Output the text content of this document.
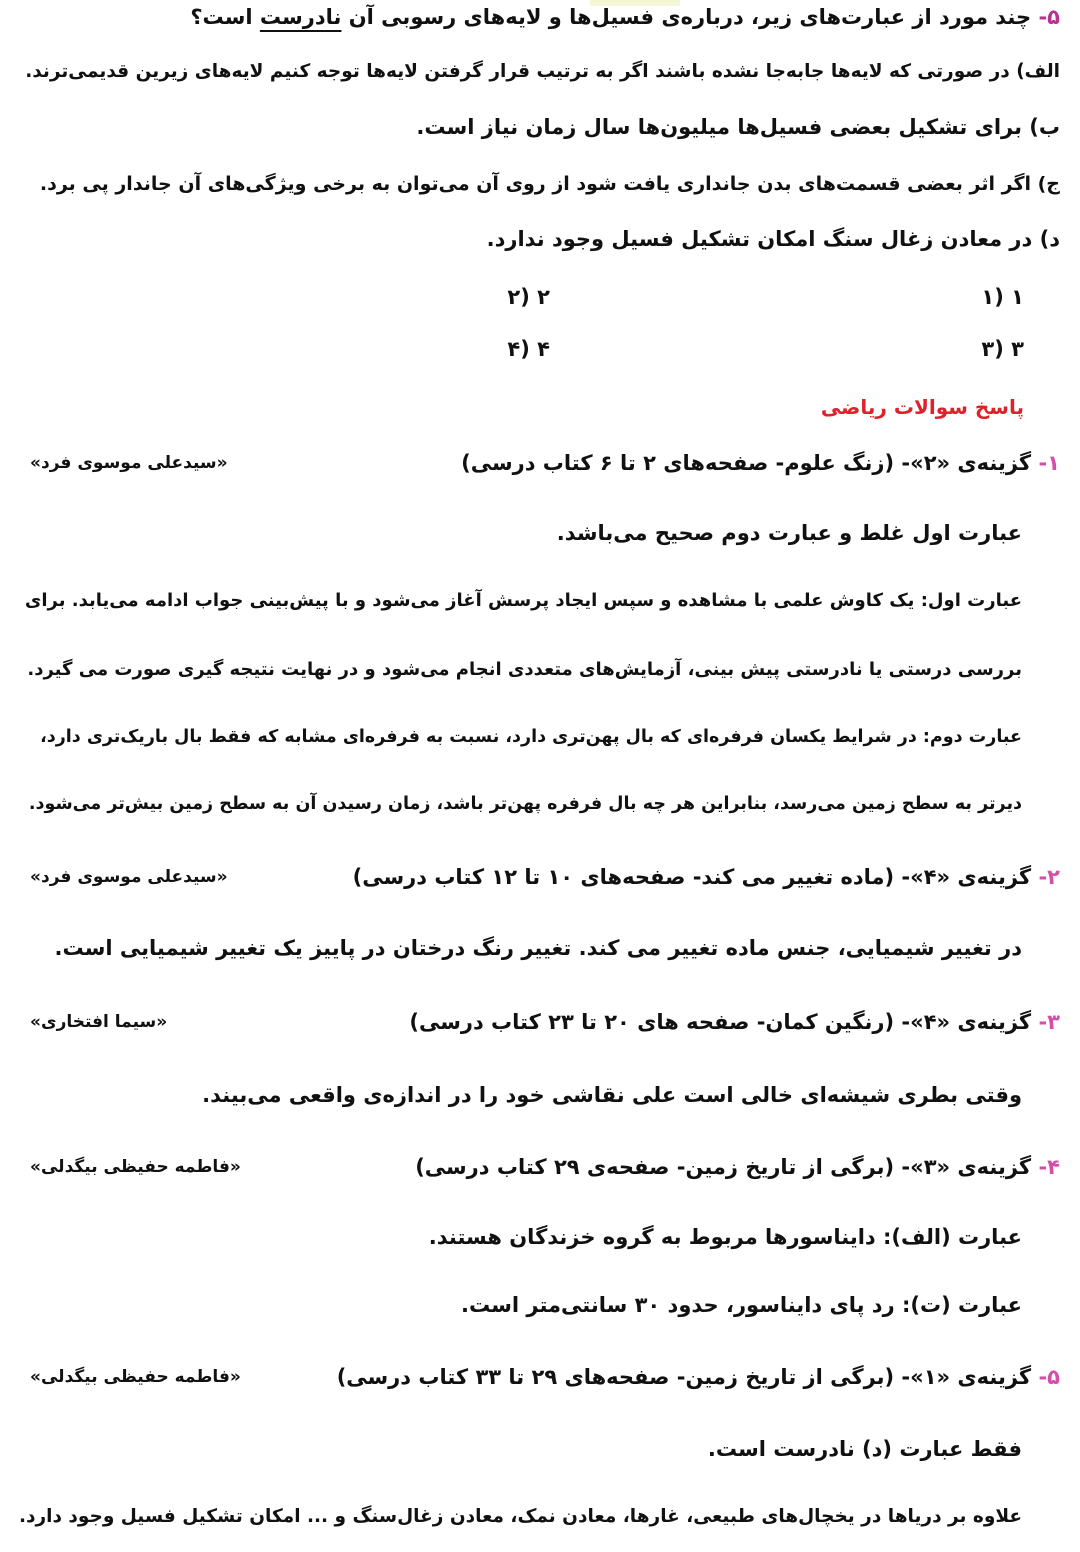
۵- چند مورد از عبارت‌های زیر، درباره‌ی فسیل‌ها و لایه‌های رسوبی آن نادرست است؟
الف) در صورتی که لایه‌ها جابه‌جا نشده باشند اگر به ترتیب قرار گرفتن لایه‌ها توجه کنیم لایه‌های زیرین قدیمی‌ترند.
ب) برای تشکیل بعضی فسیل‌ها میلیون‌ها سال زمان نیاز است.
ج) اگر اثر بعضی قسمت‌های بدن جانداری یافت شود از روی آن می‌توان به برخی ویژگی‌های آن جاندار پی برد.
د) در معادن زغال سنگ امکان تشکیل فسیل وجود ندارد.
۱ (۱
۲ (۲
۳ (۳
۴ (۴
پاسخ سوالات ریاضی
۱- گزینه‌ی «۲»- (زنگ علوم- صفحه‌های ۲ تا ۶ کتاب درسی)
«سیدعلی موسوی فرد»
عبارت اول غلط و عبارت دوم صحیح می‌باشد.
عبارت اول: یک کاوش علمی با مشاهده و سپس ایجاد پرسش آغاز می‌شود و با پیش‌بینی جواب ادامه می‌یابد. برای
بررسی درستی یا نادرستی پیش بینی، آزمایش‌های متعددی انجام می‌شود و در نهایت نتیجه گیری صورت می گیرد.
عبارت دوم: در شرایط یکسان فرفره‌ای که بال پهن‌تری دارد، نسبت به فرفره‌ای مشابه که فقط بال باریک‌تری دارد،
دیرتر به سطح زمین می‌رسد، بنابراین هر چه بال فرفره پهن‌تر باشد، زمان رسیدن آن به سطح زمین بیش‌تر می‌شود.
۲- گزینه‌ی «۴»- (ماده تغییر می کند- صفحه‌های ۱۰ تا ۱۲ کتاب درسی)
«سیدعلی موسوی فرد»
در تغییر شیمیایی، جنس ماده تغییر می کند. تغییر رنگ درختان در پاییز یک تغییر شیمیایی است.
۳- گزینه‌ی «۴»- (رنگین کمان- صفحه های ۲۰ تا ۲۳ کتاب درسی)
«سیما افتخاری»
وقتی بطری شیشه‌ای خالی است علی نقاشی خود را در اندازه‌ی واقعی می‌بیند.
۴- گزینه‌ی «۳»- (برگی از تاریخ زمین- صفحه‌ی ۲۹ کتاب درسی)
«فاطمه حفیظی بیگدلی»
عبارت (الف): دایناسورها مربوط به گروه خزندگان هستند.
عبارت (ت): رد پای دایناسور، حدود ۳۰ سانتی‌متر است.
۵- گزینه‌ی «۱»- (برگی از تاریخ زمین- صفحه‌های ۲۹ تا ۳۳ کتاب درسی)
«فاطمه حفیظی بیگدلی»
فقط عبارت (د) نادرست است.
علاوه بر دریاها در یخچال‌های طبیعی، غارها، معادن نمک، معادن زغال‌سنگ و ... امکان تشکیل فسیل وجود دارد.
